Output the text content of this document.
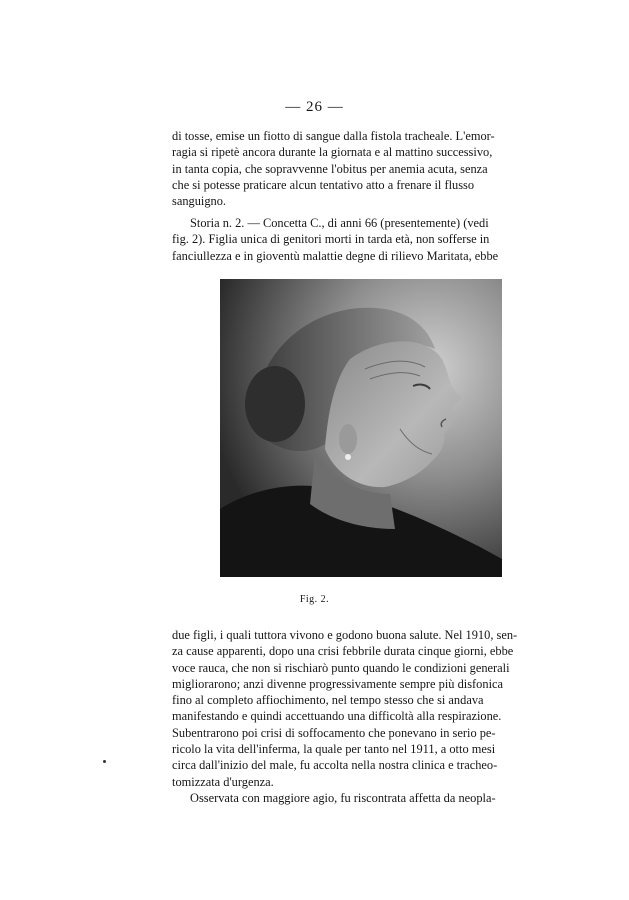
— 26 —
di tosse, emise un fiotto di sangue dalla fistola tracheale. L'emor-
ragia si ripetè ancora durante la giornata e al mattino successivo,
in tanta copia, che sopravvenne l'obitus per anemia acuta, senza
che si potesse praticare alcun tentativo atto a frenare il flusso
sanguigno.
Storia n. 2. — Concetta C., di anni 66 (presentemente) (vedi
fig. 2). Figlia unica di genitori morti in tarda età, non sofferse in
fanciullezza e in gioventù malattie degne di rilievo Maritata, ebbe
Fig. 2.
due figli, i quali tuttora vivono e godono buona salute. Nel 1910, sen-
za cause apparenti, dopo una crisi febbrile durata cinque giorni, ebbe
voce rauca, che non si rischiarò punto quando le condizioni generali
migliorarono; anzi divenne progressivamente sempre più disfonica
fino al completo affiochimento, nel tempo stesso che si andava
manifestando e quindi accettuando una difficoltà alla respirazione.
Subentrarono poi crisi di soffocamento che ponevano in serio pe-
ricolo la vita dell'inferma, la quale per tanto nel 1911, a otto mesi
circa dall'inizio del male, fu accolta nella nostra clinica e tracheo-
tomizzata d'urgenza.
Osservata con maggiore agio, fu riscontrata affetta da neopla-
